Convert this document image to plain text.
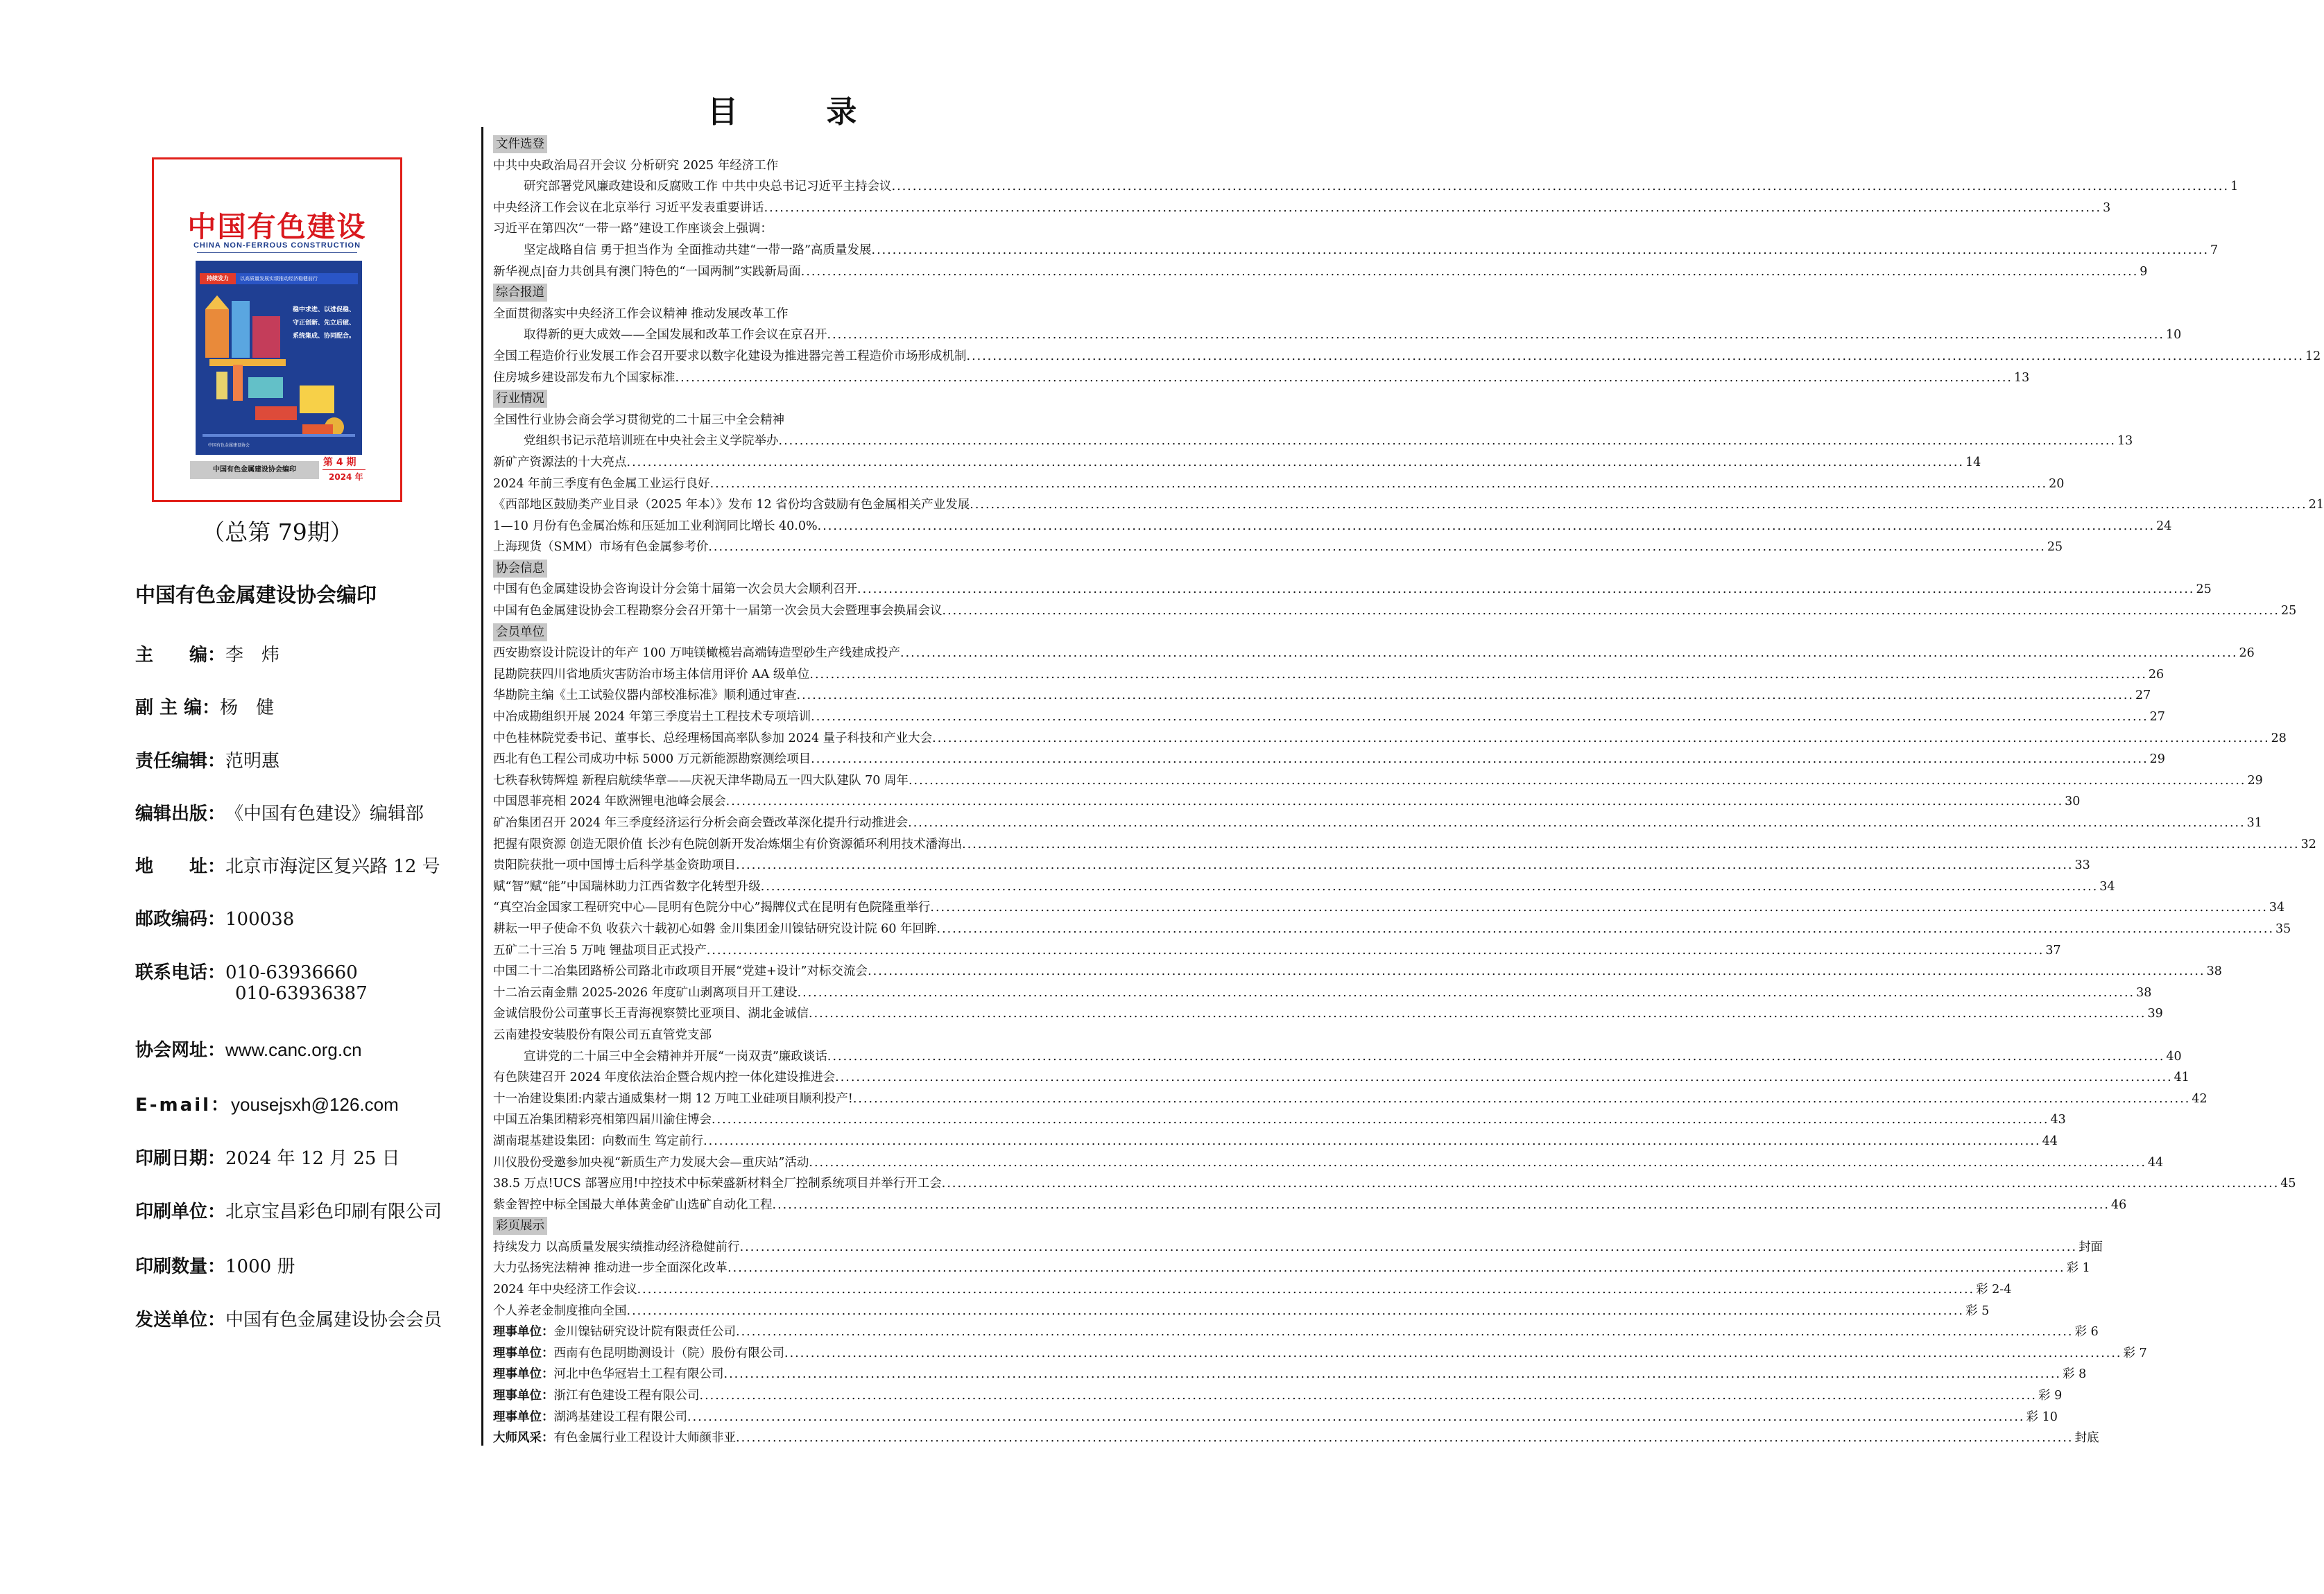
中国有色建设
CHINA NON-FERROUS CONSTRUCTION
持续发力	以高质量发展实绩推动经济稳健前行
稳中求进、以进促稳、守正创新、先立后破、系统集成、协同配合。
中国有色金属建设协会
中国有色金属建设协会编印
第 4 期
2024 年
（总第 79期）
中国有色金属建设协会编印
主　　编：李　炜
副 主 编：杨　健
责任编辑：范明惠
编辑出版：《中国有色建设》编辑部
地　　址：北京市海淀区复兴路 12 号
邮政编码：100038
联系电话：010-63936660
010-63936387
协会网址：www.canc.org.cn
E-mail：yousejsxh@126.com
印刷日期：2024 年 12 月 25 日
印刷单位：北京宝昌彩色印刷有限公司
印刷数量：1000 册
发送单位：中国有色金属建设协会会员
目 录
文件选登
中共中央政治局召开会议 分析研究 2025 年经济工作
研究部署党风廉政建设和反腐败工作 中共中央总书记习近平主持会议 .....	1
中央经济工作会议在北京举行 习近平发表重要讲话 .....	3
习近平在第四次“一带一路”建设工作座谈会上强调：
坚定战略自信 勇于担当作为 全面推动共建“一带一路”高质量发展 .....	7
新华视点|奋力共创具有澳门特色的“一国两制”实践新局面 .....	9
综合报道
全面贯彻落实中央经济工作会议精神 推动发展改革工作
取得新的更大成效——全国发展和改革工作会议在京召开 .....	10
全国工程造价行业发展工作会召开要求以数字化建设为推进器完善工程造价市场形成机制 .....	12
住房城乡建设部发布九个国家标准 .....	13
行业情况
全国性行业协会商会学习贯彻党的二十届三中全会精神
党组织书记示范培训班在中央社会主义学院举办 .....	13
新矿产资源法的十大亮点 .....	14
2024 年前三季度有色金属工业运行良好 .....	20
《西部地区鼓励类产业目录（2025 年本）》发布 12 省份均含鼓励有色金属相关产业发展 .....	21
1—10 月份有色金属冶炼和压延加工业利润同比增长 40.0% .....	24
上海现货（SMM）市场有色金属参考价 .....	25
协会信息
中国有色金属建设协会咨询设计分会第十届第一次会员大会顺利召开 .....	25
中国有色金属建设协会工程勘察分会召开第十一届第一次会员大会暨理事会换届会议 .....	25
会员单位
西安勘察设计院设计的年产 100 万吨镁橄榄岩高端铸造型砂生产线建成投产 .....	26
昆勘院获四川省地质灾害防治市场主体信用评价 AA 级单位 .....	26
华勘院主编《土工试验仪器内部校准标准》顺利通过审查 .....	27
中冶成勘组织开展 2024 年第三季度岩土工程技术专项培训 .....	27
中色桂林院党委书记、董事长、总经理杨国高率队参加 2024 量子科技和产业大会 .....	28
西北有色工程公司成功中标 5000 万元新能源勘察测绘项目 .....	29
七秩春秋铸辉煌 新程启航续华章——庆祝天津华勘局五一四大队建队 70 周年 .....	29
中国恩菲亮相 2024 年欧洲锂电池峰会展会 .....	30
矿冶集团召开 2024 年三季度经济运行分析会商会暨改革深化提升行动推进会 .....	31
把握有限资源 创造无限价值 长沙有色院创新开发冶炼烟尘有价资源循环利用技术潘海出 .....	32
贵阳院获批一项中国博士后科学基金资助项目 .....	33
赋“智”赋“能”中国瑞林助力江西省数字化转型升级 .....	34
“真空冶金国家工程研究中心—昆明有色院分中心”揭牌仪式在昆明有色院隆重举行 .....	34
耕耘一甲子使命不负 收获六十载初心如磐 金川集团金川镍钴研究设计院 60 年回眸 .....	35
五矿二十三冶 5 万吨 锂盐项目正式投产 .....	37
中国二十二冶集团路桥公司路北市政项目开展“党建+设计”对标交流会 .....	38
十二冶云南金鼎 2025-2026 年度矿山剥离项目开工建设 .....	38
金诚信股份公司董事长王青海视察赞比亚项目、湖北金诚信 .....	39
云南建投安装股份有限公司五直管党支部
宣讲党的二十届三中全会精神并开展“一岗双责”廉政谈话 .....	40
有色陕建召开 2024 年度依法治企暨合规内控一体化建设推进会 .....	41
十一冶建设集团:内蒙古通威集材一期 12 万吨工业硅项目顺利投产! .....	42
中国五冶集团精彩亮相第四届川渝住博会 .....	43
湖南琨基建设集团：向数而生 笃定前行 .....	44
川仪股份受邀参加央视“新质生产力发展大会—重庆站”活动 .....	44
38.5 万点!UCS 部署应用!中控技术中标荣盛新材料全厂控制系统项目并举行开工会 .....	45
紫金智控中标全国最大单体黄金矿山选矿自动化工程 .....	46
彩页展示
持续发力 以高质量发展实绩推动经济稳健前行 .....	封面
大力弘扬宪法精神 推动进一步全面深化改革 .....	彩 1
2024 年中央经济工作会议 .....	彩 2-4
个人养老金制度推向全国 .....	彩 5
理事单位： 金川镍钴研究设计院有限责任公司 .....	彩 6
理事单位： 西南有色昆明勘测设计（院）股份有限公司 .....	彩 7
理事单位： 河北中色华冠岩土工程有限公司 .....	彩 8
理事单位： 浙江有色建设工程有限公司 .....	彩 9
理事单位： 湖鸿基建设工程有限公司 .....	彩 10
大师风采： 有色金属行业工程设计大师颜非亚 .....	封底
